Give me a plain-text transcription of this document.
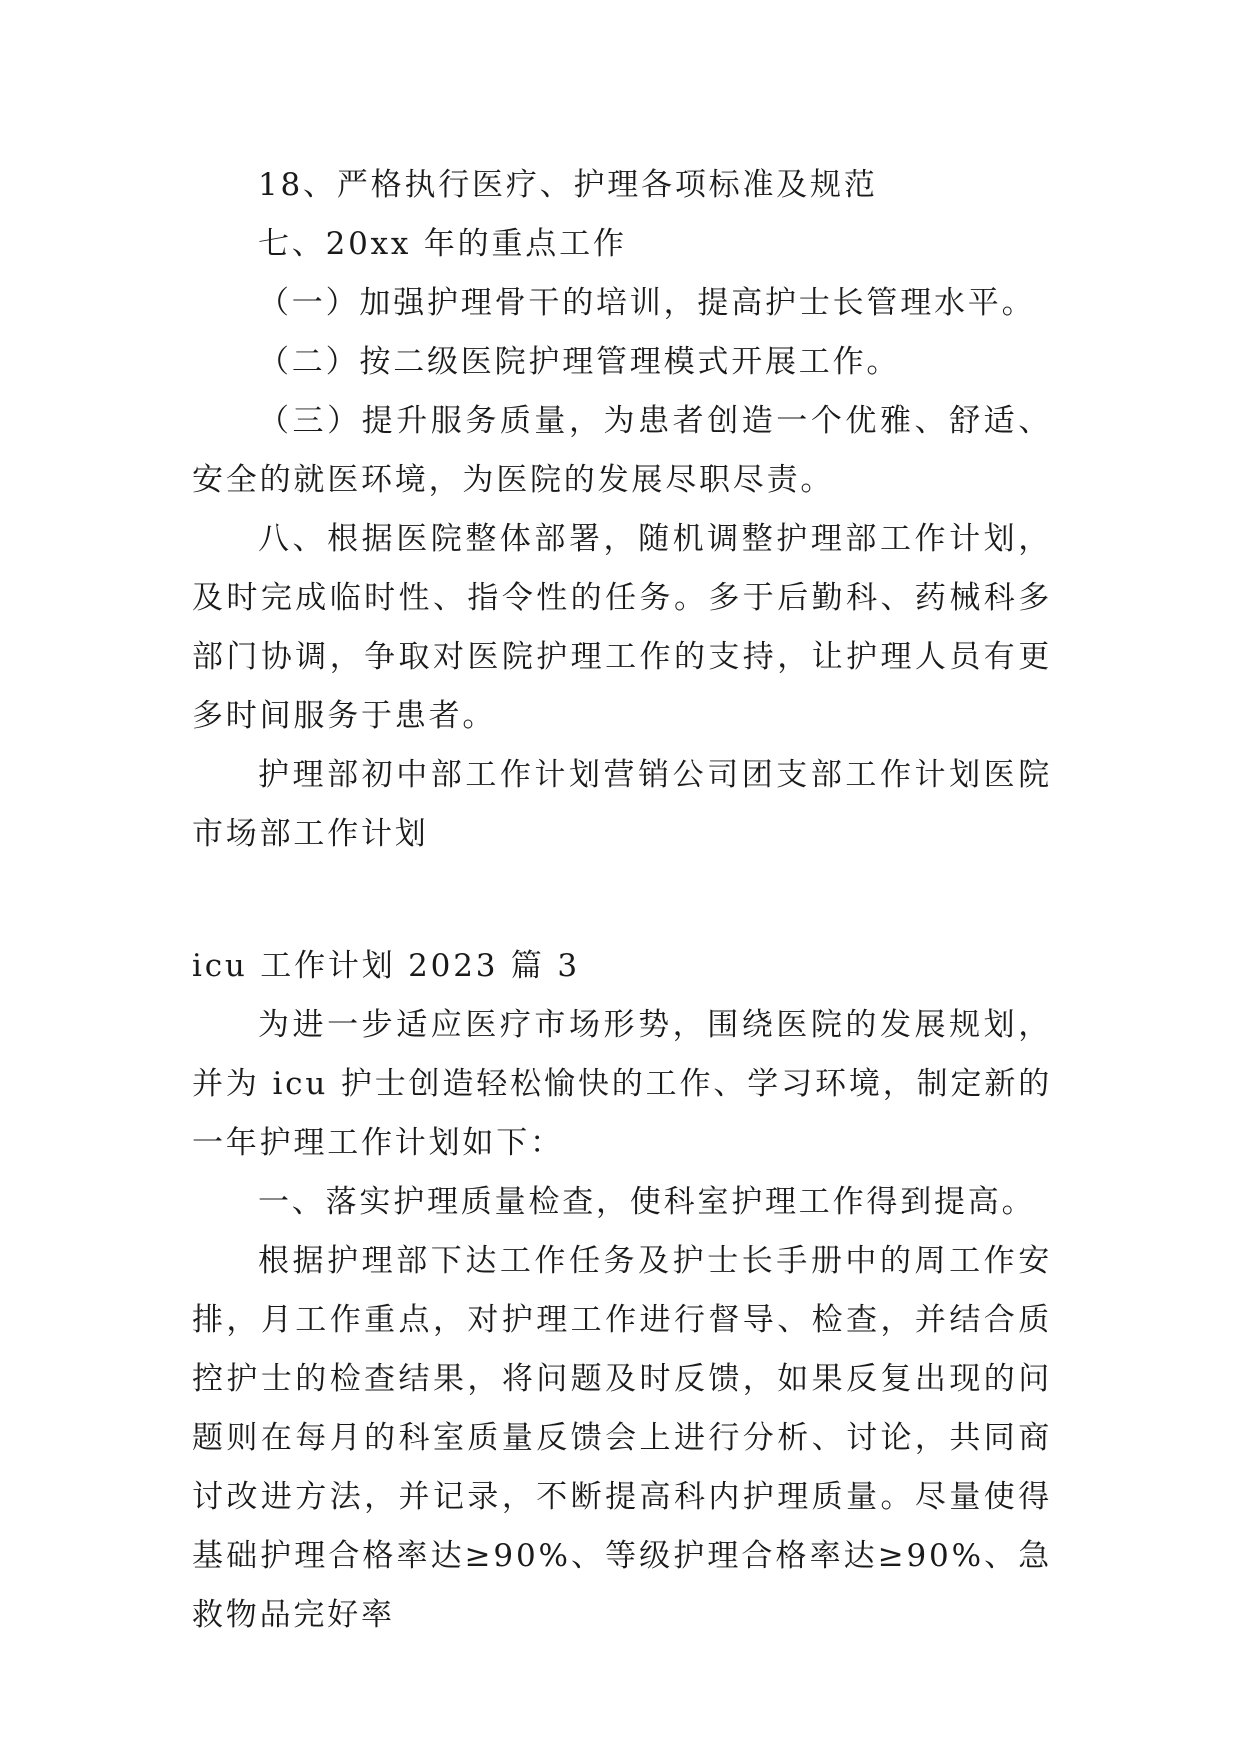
18、严格执行医疗、护理各项标准及规范

七、20xx 年的重点工作

（一）加强护理骨干的培训，提高护士长管理水平。

（二）按二级医院护理管理模式开展工作。

（三）提升服务质量，为患者创造一个优雅、舒适、安全的就医环境，为医院的发展尽职尽责。

八、根据医院整体部署，随机调整护理部工作计划，及时完成临时性、指令性的任务。多于后勤科、药械科多部门协调，争取对医院护理工作的支持，让护理人员有更多时间服务于患者。

护理部初中部工作计划营销公司团支部工作计划医院市场部工作计划

icu 工作计划 2023 篇 3

为进一步适应医疗市场形势，围绕医院的发展规划，并为 icu 护士创造轻松愉快的工作、学习环境，制定新的一年护理工作计划如下：

一、落实护理质量检查，使科室护理工作得到提高。

根据护理部下达工作任务及护士长手册中的周工作安排，月工作重点，对护理工作进行督导、检查，并结合质控护士的检查结果，将问题及时反馈，如果反复出现的问题则在每月的科室质量反馈会上进行分析、讨论，共同商讨改进方法，并记录，不断提高科内护理质量。尽量使得基础护理合格率达≥90%、等级护理合格率达≥90%、急救物品完好率
